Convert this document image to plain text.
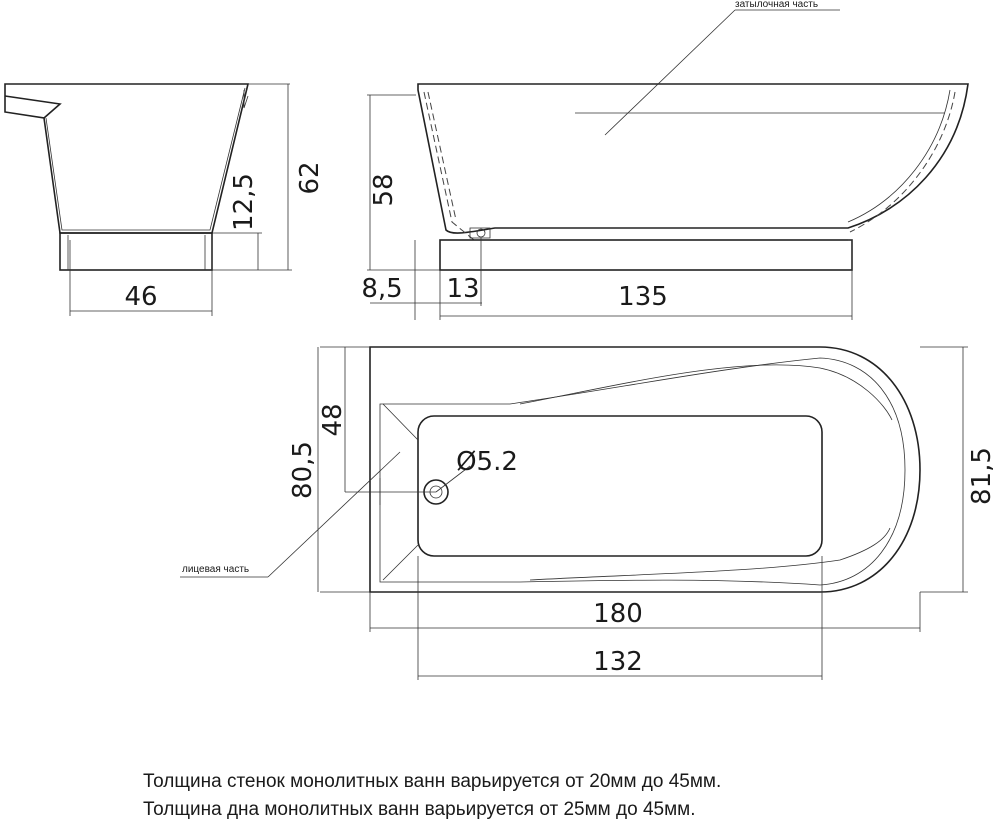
затылочная часть
лицевая часть
46
12,5 62 58
8,5 13	135
48
80,5	81,5
180
132
Ø5.2
Толщина стенок монолитных ванн варьируется от 20мм до 45мм.
Толщина дна монолитных ванн варьируется от 25мм до 45мм.
